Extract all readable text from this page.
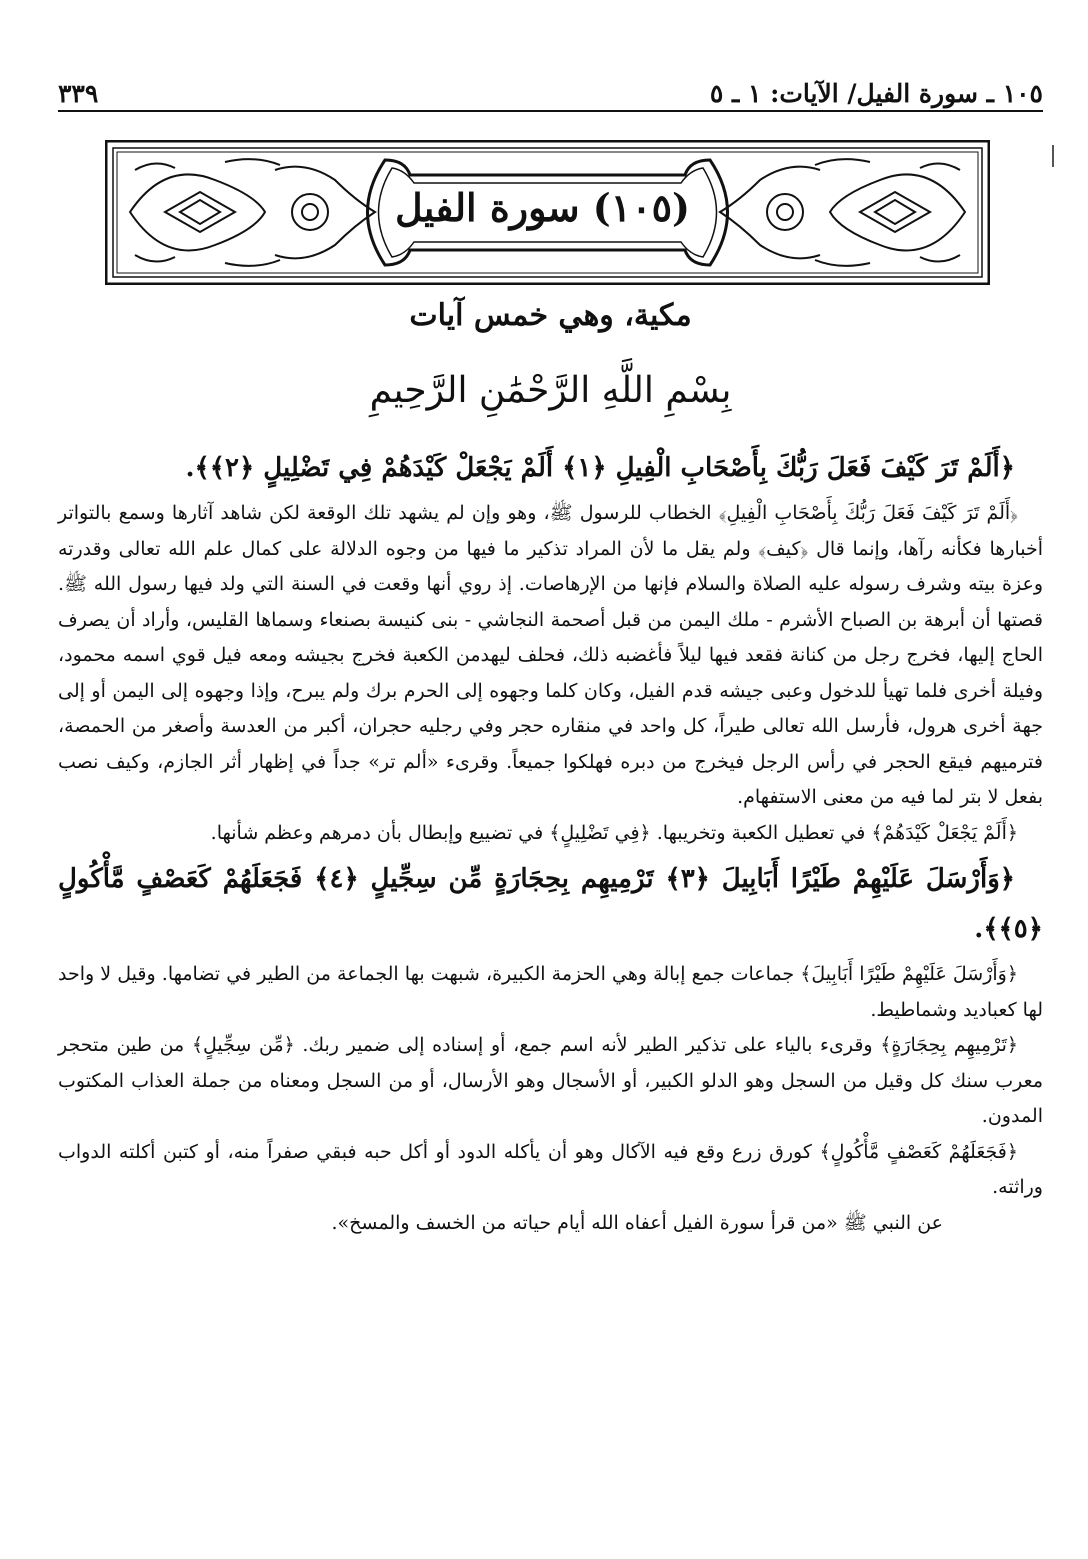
١٠٥ ـ سورة الفيل/ الآيات: ١ ـ ٥
٣٣٩
(١٠٥) سورة الفيل
مكية، وهي خمس آيات
بِسْمِ اللَّهِ الرَّحْمَٰنِ الرَّحِيمِ

﴿أَلَمْ تَرَ كَيْفَ فَعَلَ رَبُّكَ بِأَصْحَابِ الْفِيلِ ﴿١﴾ أَلَمْ يَجْعَلْ كَيْدَهُمْ فِي تَضْلِيلٍ ﴿٢﴾﴾.

﴿أَلَمْ تَرَ كَيْفَ فَعَلَ رَبُّكَ بِأَصْحَابِ الْفِيلِ﴾ الخطاب للرسول ﷺ، وهو وإن لم يشهد تلك الوقعة لكن شاهد آثارها وسمع بالتواتر أخبارها فكأنه رآها، وإنما قال ﴿كيف﴾ ولم يقل ما لأن المراد تذكير ما فيها من وجوه الدلالة على كمال علم الله تعالى وقدرته وعزة بيته وشرف رسوله عليه الصلاة والسلام فإنها من الإرهاصات. إذ روي أنها وقعت في السنة التي ولد فيها رسول الله ﷺ. قصتها أن أبرهة بن الصباح الأشرم - ملك اليمن من قبل أصحمة النجاشي - بنى كنيسة بصنعاء وسماها القليس، وأراد أن يصرف الحاج إليها، فخرج رجل من كنانة فقعد فيها ليلاً فأغضبه ذلك، فحلف ليهدمن الكعبة فخرج بجيشه ومعه فيل قوي اسمه محمود، وفيلة أخرى فلما تهيأ للدخول وعبى جيشه قدم الفيل، وكان كلما وجهوه إلى الحرم برك ولم يبرح، وإذا وجهوه إلى اليمن أو إلى جهة أخرى هرول، فأرسل الله تعالى طيراً، كل واحد في منقاره حجر وفي رجليه حجران، أكبر من العدسة وأصغر من الحمصة، فترميهم فيقع الحجر في رأس الرجل فيخرج من دبره فهلكوا جميعاً. وقرىء «ألم تر» جداً في إظهار أثر الجازم، وكيف نصب بفعل لا بتر لما فيه من معنى الاستفهام.

﴿أَلَمْ يَجْعَلْ كَيْدَهُمْ﴾ في تعطيل الكعبة وتخريبها. ﴿فِي تَضْلِيلٍ﴾ في تضييع وإبطال بأن دمرهم وعظم شأنها.

﴿وَأَرْسَلَ عَلَيْهِمْ طَيْرًا أَبَابِيلَ ﴿٣﴾ تَرْمِيهِم بِحِجَارَةٍ مِّن سِجِّيلٍ ﴿٤﴾ فَجَعَلَهُمْ كَعَصْفٍ مَّأْكُولٍ ﴿٥﴾﴾.

﴿وَأَرْسَلَ عَلَيْهِمْ طَيْرًا أَبَابِيلَ﴾ جماعات جمع إبالة وهي الحزمة الكبيرة، شبهت بها الجماعة من الطير في تضامها. وقيل لا واحد لها كعباديد وشماطيط.

﴿تَرْمِيهِم بِحِجَارَةٍ﴾ وقرىء بالياء على تذكير الطير لأنه اسم جمع، أو إسناده إلى ضمير ربك. ﴿مِّن سِجِّيلٍ﴾ من طين متحجر معرب سنك كل وقيل من السجل وهو الدلو الكبير، أو الأسجال وهو الأرسال، أو من السجل ومعناه من جملة العذاب المكتوب المدون.

﴿فَجَعَلَهُمْ كَعَصْفٍ مَّأْكُولٍ﴾ كورق زرع وقع فيه الآكال وهو أن يأكله الدود أو أكل حبه فبقي صفراً منه، أو كتبن أكلته الدواب وراثته.

عن النبي ﷺ «من قرأ سورة الفيل أعفاه الله أيام حياته من الخسف والمسخ».
